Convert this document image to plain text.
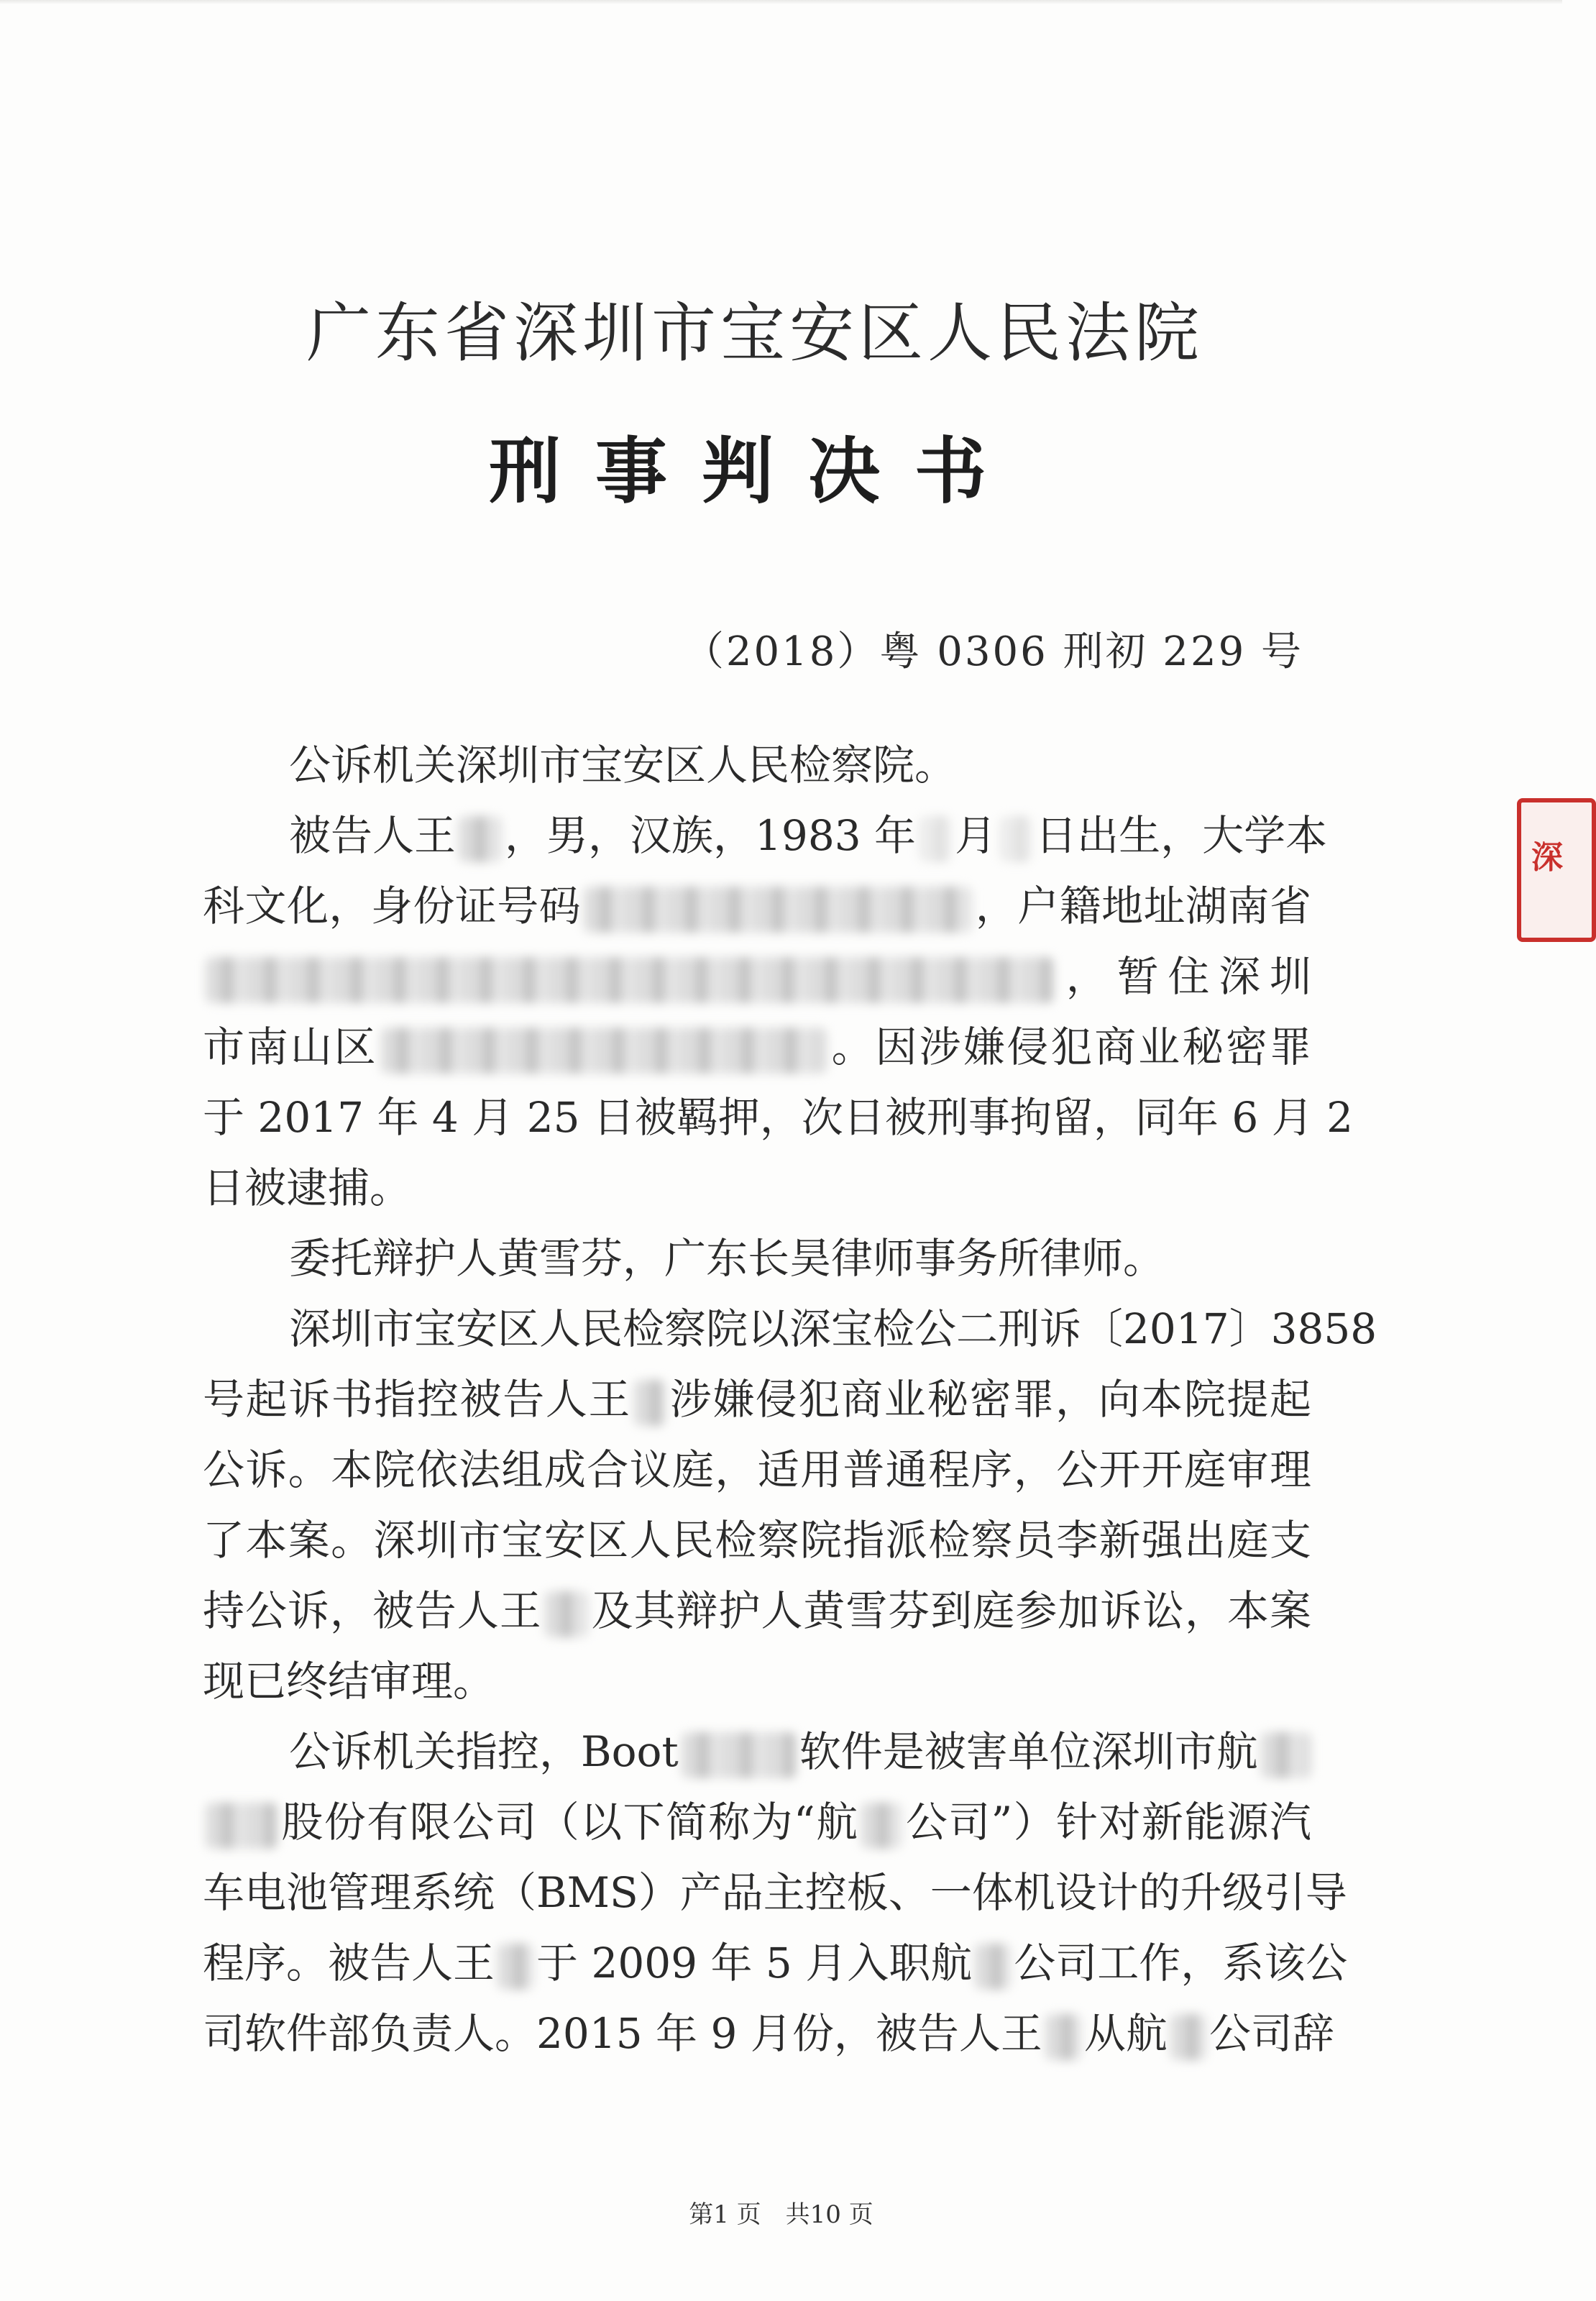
广东省深圳市宝安区人民法院
刑事判决书
（2018）粤 0306 刑初 229 号
公诉机关深圳市宝安区人民检察院。
被告人王 ，男，汉族，1983 年 月 日出生，大学本
科文化，身份证号码	，户籍地址湖南省
，暂住深圳
市南山区	。因涉嫌侵犯商业秘密罪
于 2017 年 4 月 25 日被羁押，次日被刑事拘留，同年 6 月 2
日被逮捕。
委托辩护人黄雪芬，广东长昊律师事务所律师。
深圳市宝安区人民检察院以深宝检公二刑诉〔2017〕3858
号起诉书指控被告人王 涉嫌侵犯商业秘密罪，向本院提起
公诉。本院依法组成合议庭，适用普通程序，公开开庭审理
了本案。深圳市宝安区人民检察院指派检察员李新强出庭支
持公诉，被告人王 及其辩护人黄雪芬到庭参加诉讼，本案
现已终结审理。
公诉机关指控，Boot	软件是被害单位深圳市航
股份有限公司（以下简称为“航 公司”）针对新能源汽
车电池管理系统（BMS）产品主控板、一体机设计的升级引导
程序。被告人王 于 2009 年 5 月入职航 公司工作，系该公
司软件部负责人。2015 年 9 月份，被告人王 从航 公司辞
深
第1 页　共10 页
